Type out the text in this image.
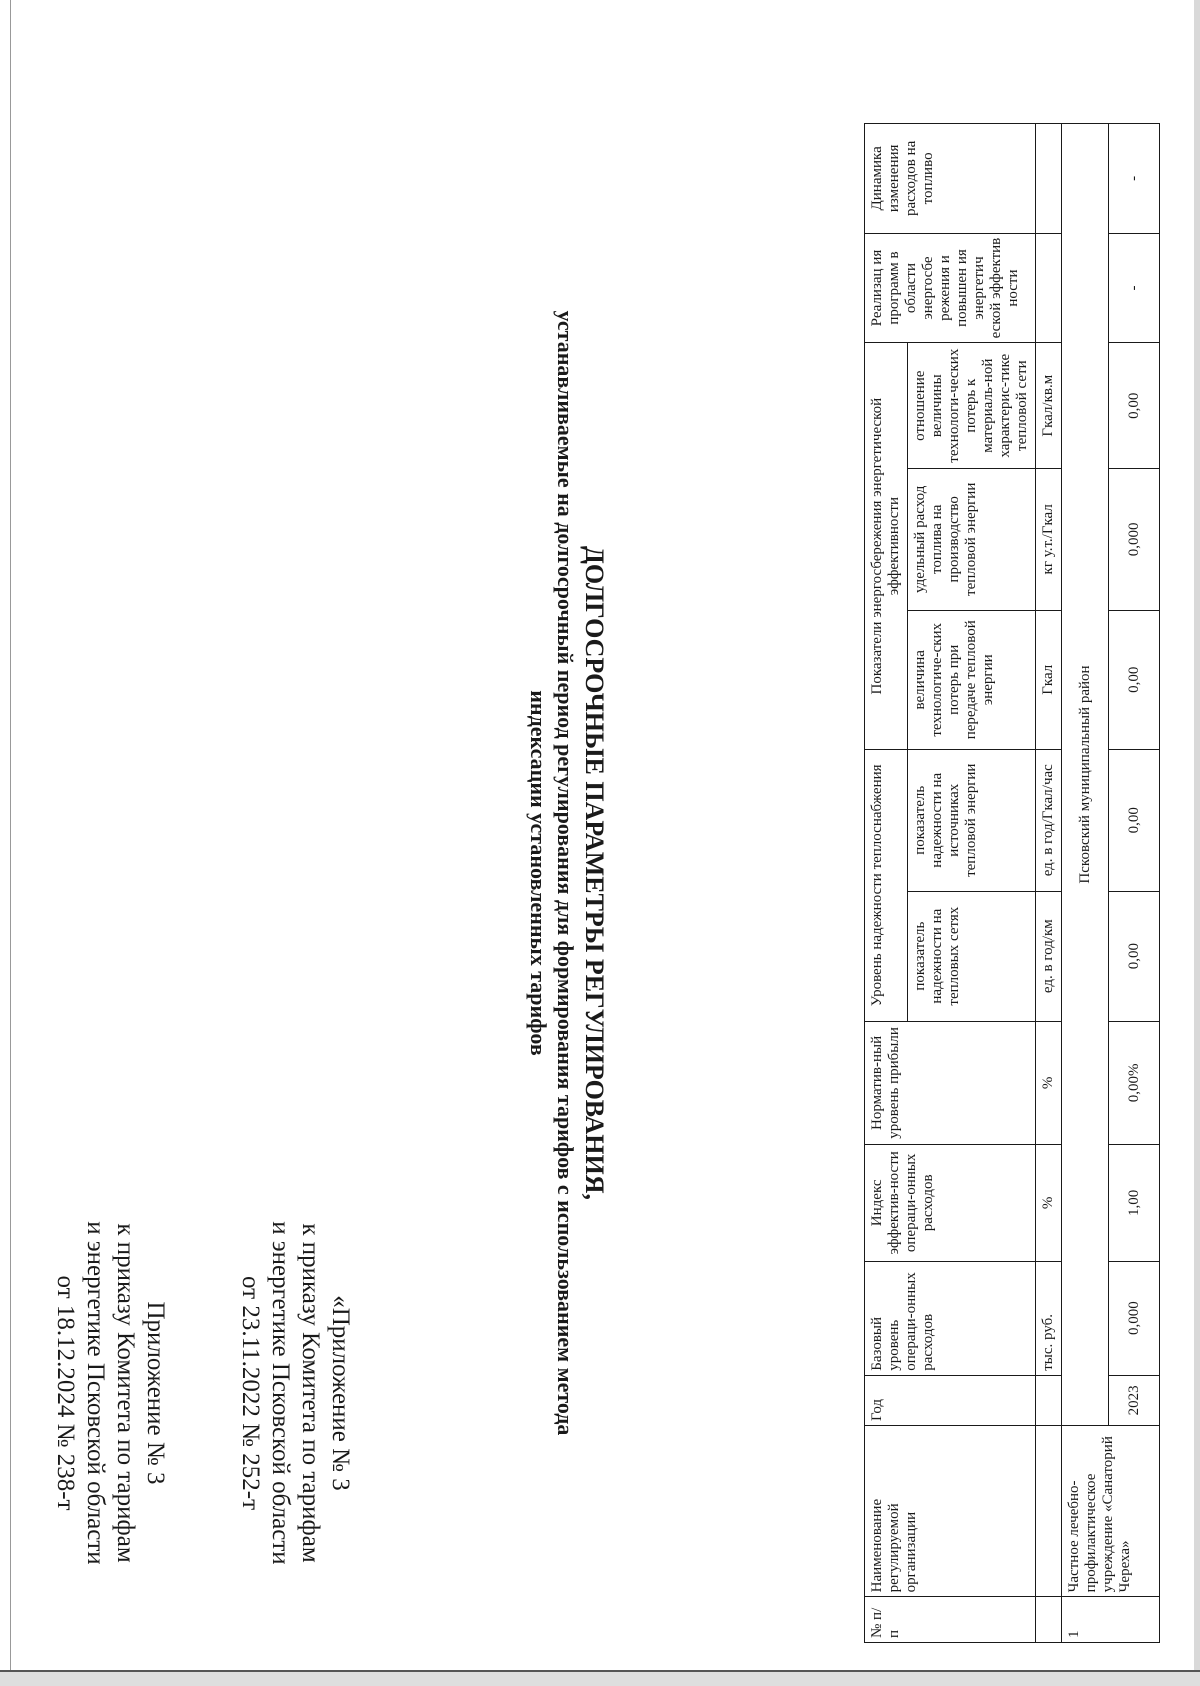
Приложение № 3
к приказу Комитета по тарифам
и энергетике Псковской области
от 18.12.2024 № 238-т	«Приложение № 3
к приказу Комитета по тарифам
и энергетике Псковской области
от 23.11.2022 № 252-т
ДОЛГОСРОЧНЫЕ ПАРАМЕТРЫ РЕГУЛИРОВАНИЯ,
устанавливаемые на долгосрочный период регулирования для формирования тарифов с использованием метода
индексации установленных тарифов
№ п/п	Наименование регулируемой организации	Год	Базовый уровень операци-онных расходов	Индекс эффектив-ности операци-онных расходов	Норматив-ный уровень прибыли	Уровень надежности теплоснабжения		Показатели энергосбережения энергетической эффективности			Реализац ия программ в области энергосбе режения и повышен ия энергетич еской эффектив ности	Динамика изменения расходов на топливо
						показатель надежности на тепловых сетях	показатель надежности на источниках тепловой энергии	величина технологиче-ских потерь при передаче тепловой энергии	удельный расход топлива на производство тепловой энергии	отношение величины технологи-ческих потерь к материаль-ной характерис-тике тепловой сети		
			тыс. руб.	%	%	ед. в год/км	ед. в год/Гкал/час	Гкал	кг у.т./Гкал	Гкал/кв.м		
1	Частное лечебно-профилактическое учреждение «Санаторий Череха»	Псковский муниципальный район										
		2023	0,000	1,00	0,00%	0,00	0,00	0,00	0,000	0,00	-	-
